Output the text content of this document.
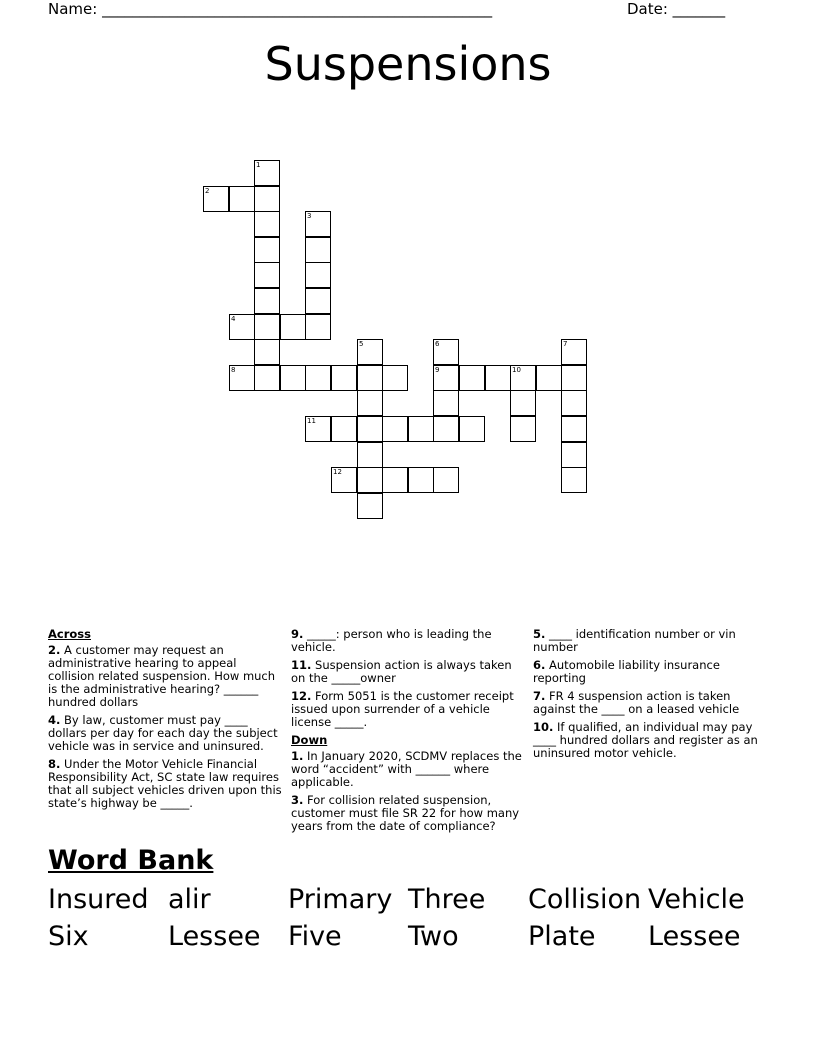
Name: ____________________________________________________	Date: _______
Suspensions
1
2
3
4
5	6
9
7
8	10
11
12
Across
2. A customer may request an administrative hearing to appeal collision related suspension. How much is the administrative hearing? ______ hundred dollars
4. By law, customer must pay ____ dollars per day for each day the subject vehicle was in service and uninsured.
8. Under the Motor Vehicle Financial Responsibility Act, SC state law requires that all subject vehicles driven upon this state’s highway be _____.
9. _____: person who is leading the vehicle.
11. Suspension action is always taken on the _____owner
12. Form 5051 is the customer receipt issued upon surrender of a vehicle license _____.
Down
1. In January 2020, SCDMV replaces the word “accident” with ______ where applicable.
3. For collision related suspension, customer must file SR 22 for how many years from the date of compliance?
5. ____ identification number or vin number
6. Automobile liability insurance reporting
7. FR 4 suspension action is taken against the ____ on a leased vehicle
10. If qualified, an individual may pay ____ hundred dollars and register as an uninsured motor vehicle.
Word Bank
Insured alir	Primary Three Collision Vehicle
Six	Lessee Five Two	Plate Lessee
